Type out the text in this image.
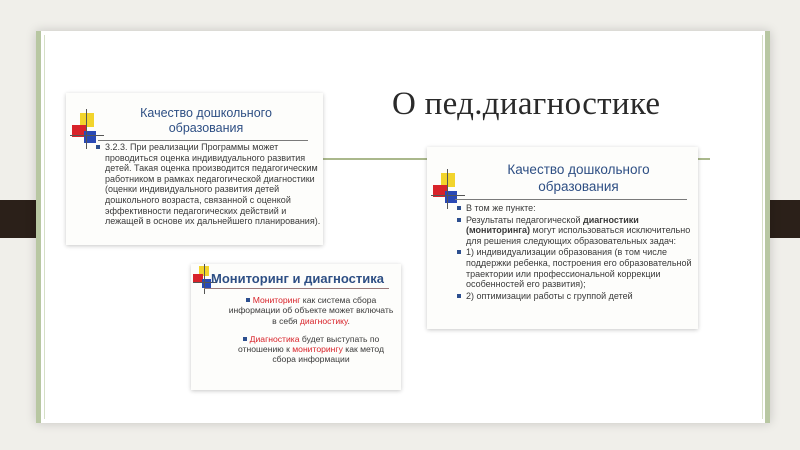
О пед.диагностике
Качество дошкольного образования
3.2.3. При реализации Программы может проводиться оценка индивидуального развития детей. Такая оценка производится педагогическим работником в рамках педагогической диагностики (оценки индивидуального развития детей дошкольного возраста, связанной с оценкой эффективности педагогических действий и лежащей в основе их дальнейшего планирования).
Качество дошкольного образования
В том же пункте:
Результаты педагогической диагностики (мониторинга) могут использоваться исключительно для решения следующих образовательных задач:
1) индивидуализации образования (в том числе поддержки ребенка, построения его образовательной траектории или профессиональной коррекции особенностей его развития);
2) оптимизации работы с группой детей
Мониторинг и диагностика
Мониторинг как система сбора информации об объекте может включать в себя диагностику.
Диагностика будет выступать по отношению к мониторингу как метод сбора информации
